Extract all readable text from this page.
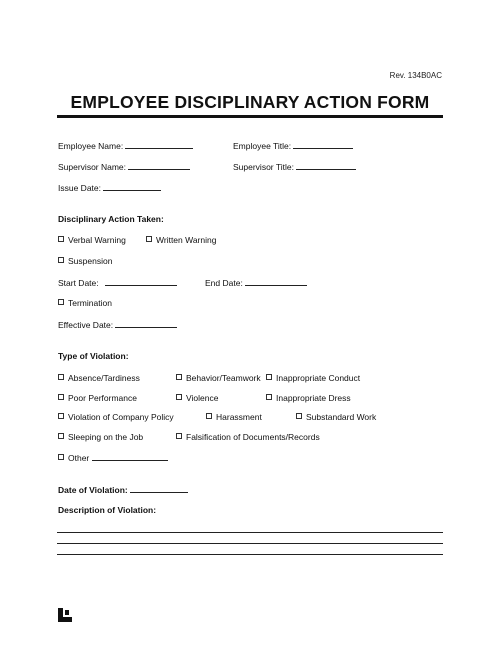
Rev. 134B0AC
EMPLOYEE DISCIPLINARY ACTION FORM
Employee Name:	Employee Title:
Supervisor Name:	Supervisor Title:
Issue Date:
Disciplinary Action Taken:
Verbal Warning	Written Warning
Suspension
Start Date:	End Date:
Termination
Effective Date:
Type of Violation:
Absence/Tardiness	Behavior/Teamwork	Inappropriate Conduct
Poor Performance	Violence	Inappropriate Dress
Violation of Company Policy	Harassment	Substandard Work
Sleeping on the Job	Falsification of Documents/Records
Other
Date of Violation:
Description of Violation:
